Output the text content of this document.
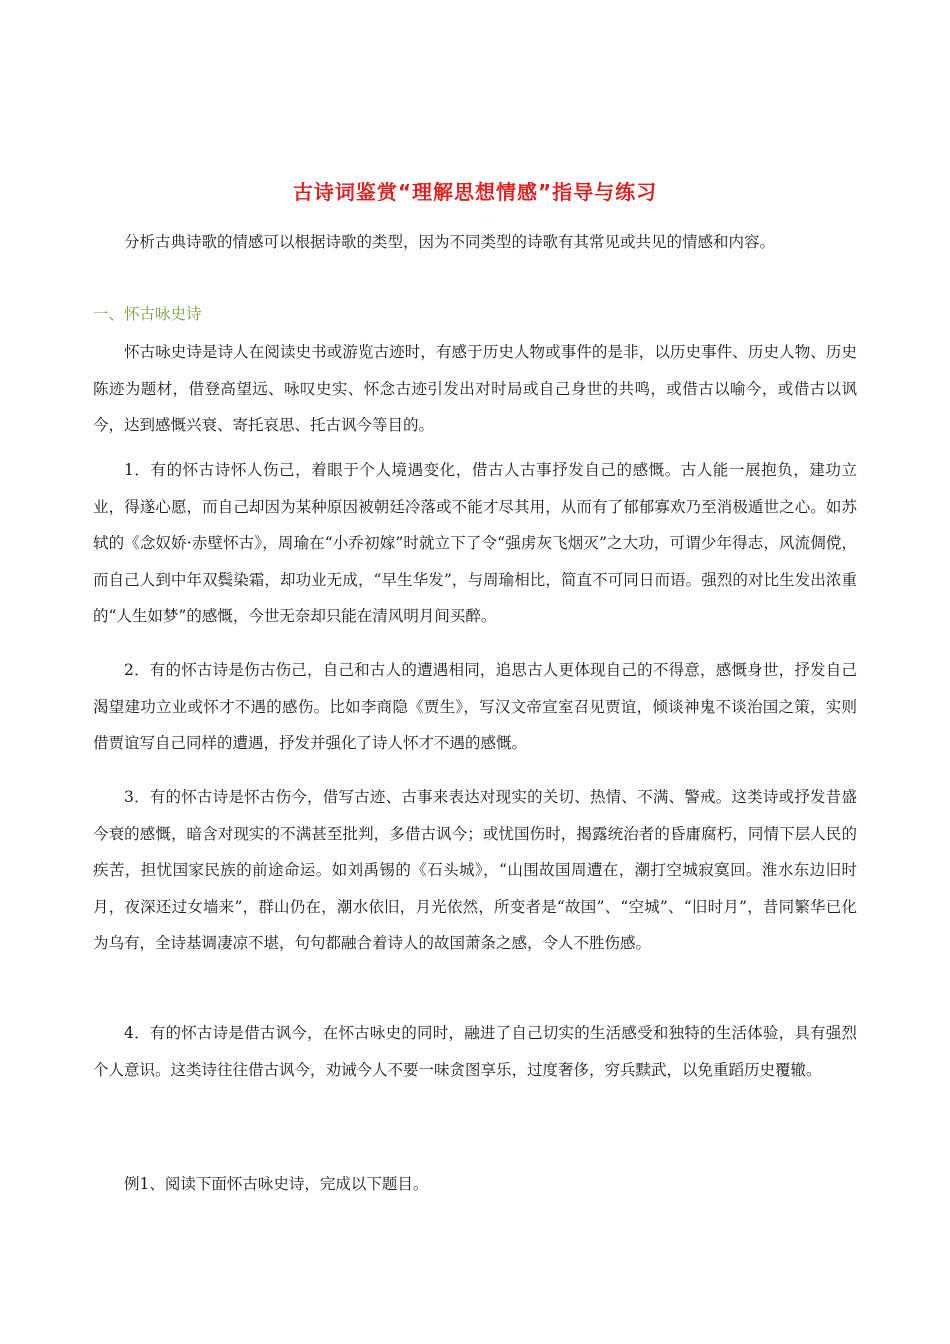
古诗词鉴赏“理解思想情感”指导与练习
分析古典诗歌的情感可以根据诗歌的类型，因为不同类型的诗歌有其常见或共见的情感和内容。
一、怀古咏史诗

怀古咏史诗是诗人在阅读史书或游览古迹时，有感于历史人物或事件的是非，以历史事件、历史人物、历史陈迹为题材，借登高望远、咏叹史实、怀念古迹引发出对时局或自己身世的共鸣，或借古以喻今，或借古以讽今，达到感慨兴衰、寄托哀思、托古讽今等目的。

1．有的怀古诗怀人伤己，着眼于个人境遇变化，借古人古事抒发自己的感慨。古人能一展抱负，建功立业，得遂心愿，而自己却因为某种原因被朝廷冷落或不能才尽其用，从而有了郁郁寡欢乃至消极遁世之心。如苏轼的《念奴娇·赤壁怀古》，周瑜在“小乔初嫁”时就立下了令“强虏灰飞烟灭”之大功，可谓少年得志，风流倜傥，而自己人到中年双鬓染霜，却功业无成，“早生华发”，与周瑜相比，简直不可同日而语。强烈的对比生发出浓重的“人生如梦”的感慨，今世无奈却只能在清风明月间买醉。

2．有的怀古诗是伤古伤己，自己和古人的遭遇相同，追思古人更体现自己的不得意，感慨身世，抒发自己渴望建功立业或怀才不遇的感伤。比如李商隐《贾生》，写汉文帝宣室召见贾谊，倾谈神鬼不谈治国之策，实则借贾谊写自己同样的遭遇，抒发并强化了诗人怀才不遇的感慨。

3．有的怀古诗是怀古伤今，借写古迹、古事来表达对现实的关切、热情、不满、警戒。这类诗或抒发昔盛今衰的感慨，暗含对现实的不满甚至批判，多借古讽今；或忧国伤时，揭露统治者的昏庸腐朽，同情下层人民的疾苦，担忧国家民族的前途命运。如刘禹锡的《石头城》，“山围故国周遭在，潮打空城寂寞回。淮水东边旧时月，夜深还过女墙来”，群山仍在，潮水依旧，月光依然，所变者是“故国”、“空城”、“旧时月”，昔同繁华已化为乌有，全诗基调凄凉不堪，句句都融合着诗人的故国萧条之感，令人不胜伤感。

4．有的怀古诗是借古讽今，在怀古咏史的同时，融进了自己切实的生活感受和独特的生活体验，具有强烈个人意识。这类诗往往借古讽今，劝诫今人不要一味贪图享乐，过度奢侈，穷兵黩武，以免重蹈历史覆辙。

例1、阅读下面怀古咏史诗，完成以下题目。
